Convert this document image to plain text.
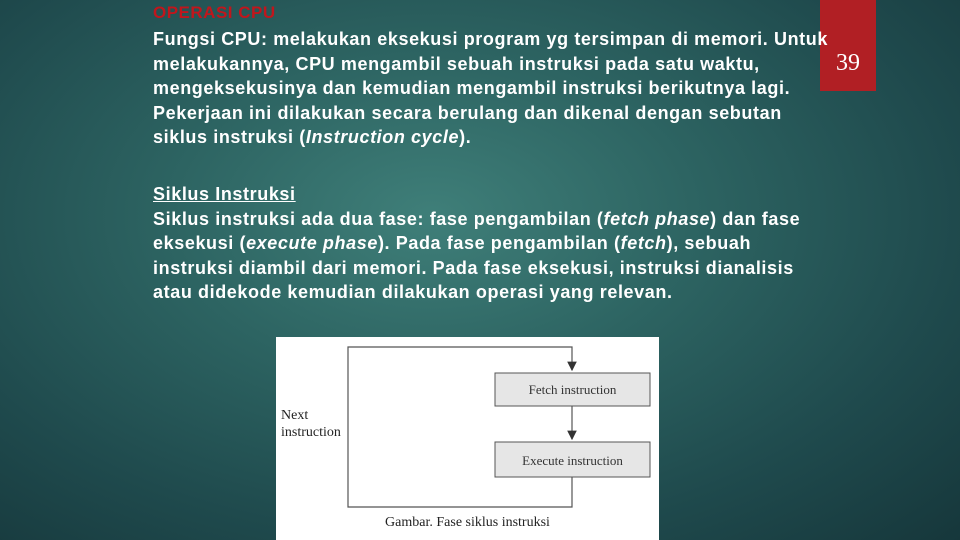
39
OPERASI CPU
Fungsi CPU: melakukan eksekusi program yg tersimpan di memori. Untuk melakukannya, CPU mengambil sebuah instruksi pada satu waktu, mengeksekusinya dan kemudian mengambil instruksi berikutnya lagi. Pekerjaan ini dilakukan secara berulang dan dikenal dengan sebutan siklus instruksi (Instruction cycle).
Siklus Instruksi
Siklus instruksi ada dua fase: fase pengambilan (fetch phase) dan fase eksekusi (execute phase). Pada fase pengambilan (fetch), sebuah instruksi diambil dari memori. Pada fase eksekusi, instruksi dianalisis atau didekode kemudian dilakukan operasi yang relevan.
Fetch instruction
Execute instruction
Next
instruction
Gambar. Fase siklus instruksi
